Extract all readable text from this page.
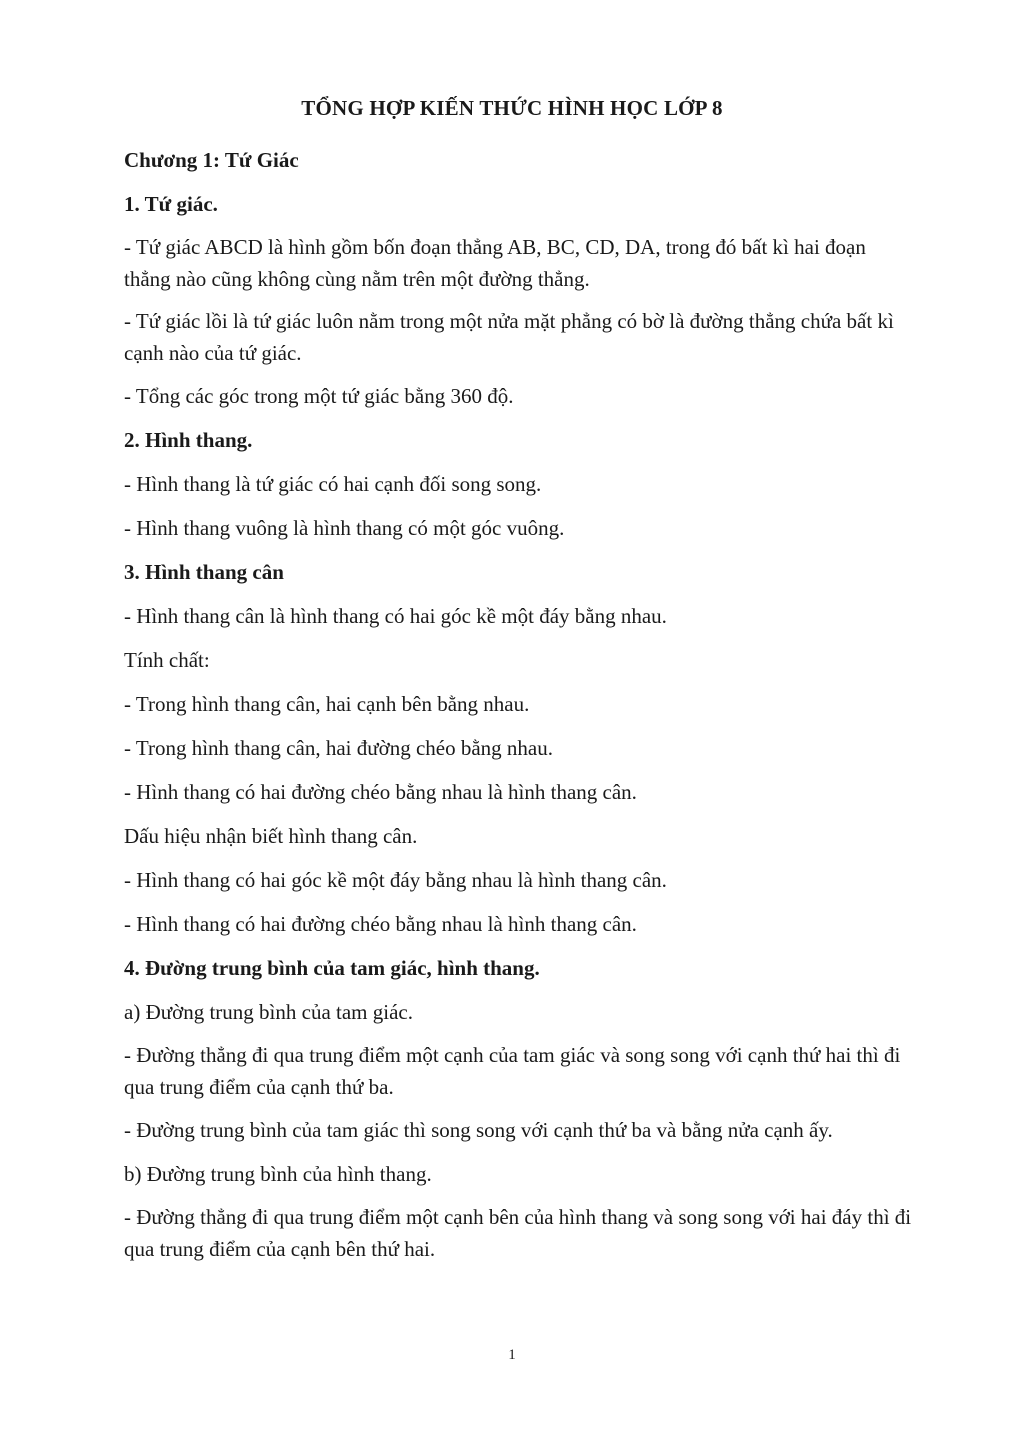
TỔNG HỢP KIẾN THỨC HÌNH HỌC LỚP 8

Chương 1: Tứ Giác

1. Tứ giác.

- Tứ giác ABCD là hình gồm bốn đoạn thẳng AB, BC, CD, DA, trong đó bất kì hai đoạn thẳng nào cũng không cùng nằm trên một đường thẳng.

- Tứ giác lồi là tứ giác luôn nằm trong một nửa mặt phẳng có bờ là đường thẳng chứa bất kì cạnh nào của tứ giác.

- Tổng các góc trong một tứ giác bằng 360 độ.

2. Hình thang.

- Hình thang là tứ giác có hai cạnh đối song song.

- Hình thang vuông là hình thang có một góc vuông.

3. Hình thang cân

- Hình thang cân là hình thang có hai góc kề một đáy bằng nhau.

Tính chất:

- Trong hình thang cân, hai cạnh bên bằng nhau.

- Trong hình thang cân, hai đường chéo bằng nhau.

- Hình thang có hai đường chéo bằng nhau là hình thang cân.

Dấu hiệu nhận biết hình thang cân.

- Hình thang có hai góc kề một đáy bằng nhau là hình thang cân.

- Hình thang có hai đường chéo bằng nhau là hình thang cân.

4. Đường trung bình của tam giác, hình thang.

a) Đường trung bình của tam giác.

- Đường thẳng đi qua trung điểm một cạnh của tam giác và song song với cạnh thứ hai thì đi qua trung điểm của cạnh thứ ba.

- Đường trung bình của tam giác thì song song với cạnh thứ ba và bằng nửa cạnh ấy.

b) Đường trung bình của hình thang.

- Đường thẳng đi qua trung điểm một cạnh bên của hình thang và song song với hai đáy thì đi qua trung điểm của cạnh bên thứ hai.

1
